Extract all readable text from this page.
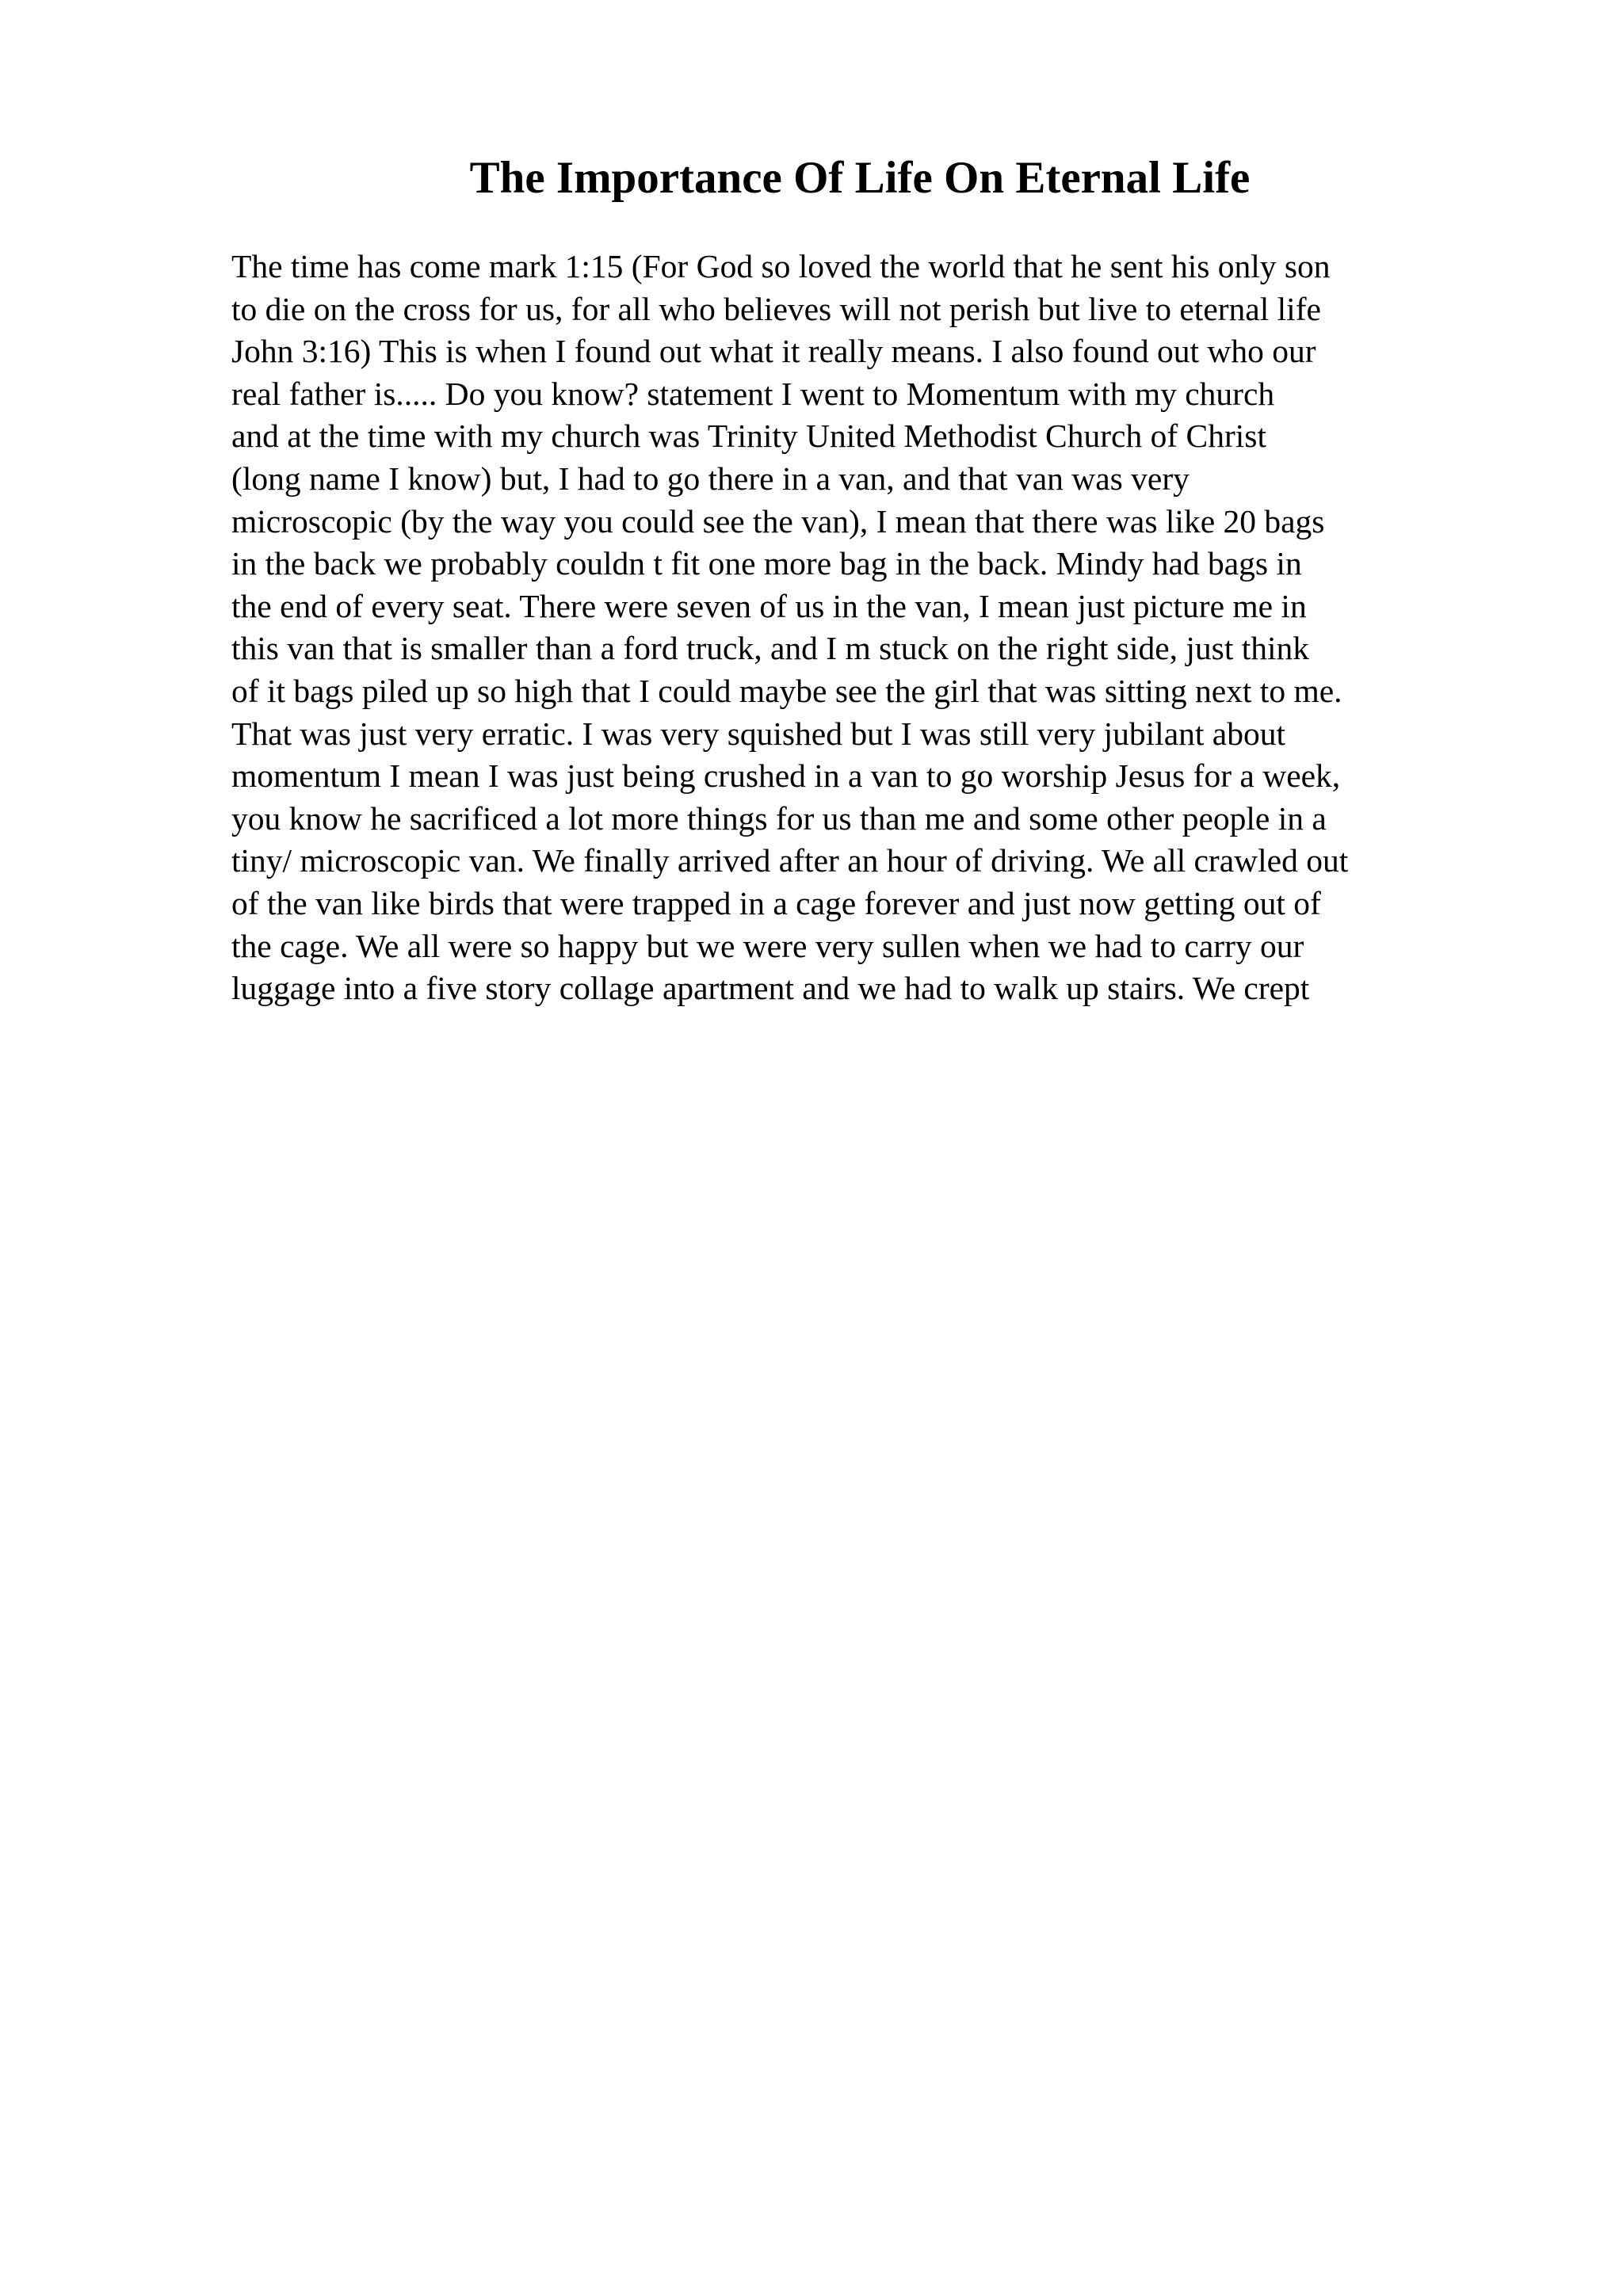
The Importance Of Life On Eternal Life
The time has come mark 1:15 (For God so loved the world that he sent his only son
to die on the cross for us, for all who believes will not perish but live to eternal life
John 3:16) This is when I found out what it really means. I also found out who our
real father is..... Do you know? statement I went to Momentum with my church
and at the time with my church was Trinity United Methodist Church of Christ
(long name I know) but, I had to go there in a van, and that van was very
microscopic (by the way you could see the van), I mean that there was like 20 bags
in the back we probably couldn t fit one more bag in the back. Mindy had bags in
the end of every seat. There were seven of us in the van, I mean just picture me in
this van that is smaller than a ford truck, and I m stuck on the right side, just think
of it bags piled up so high that I could maybe see the girl that was sitting next to me.
That was just very erratic. I was very squished but I was still very jubilant about
momentum I mean I was just being crushed in a van to go worship Jesus for a week,
you know he sacrificed a lot more things for us than me and some other people in a
tiny/ microscopic van. We finally arrived after an hour of driving. We all crawled out
of the van like birds that were trapped in a cage forever and just now getting out of
the cage. We all were so happy but we were very sullen when we had to carry our
luggage into a five story collage apartment and we had to walk up stairs. We crept
